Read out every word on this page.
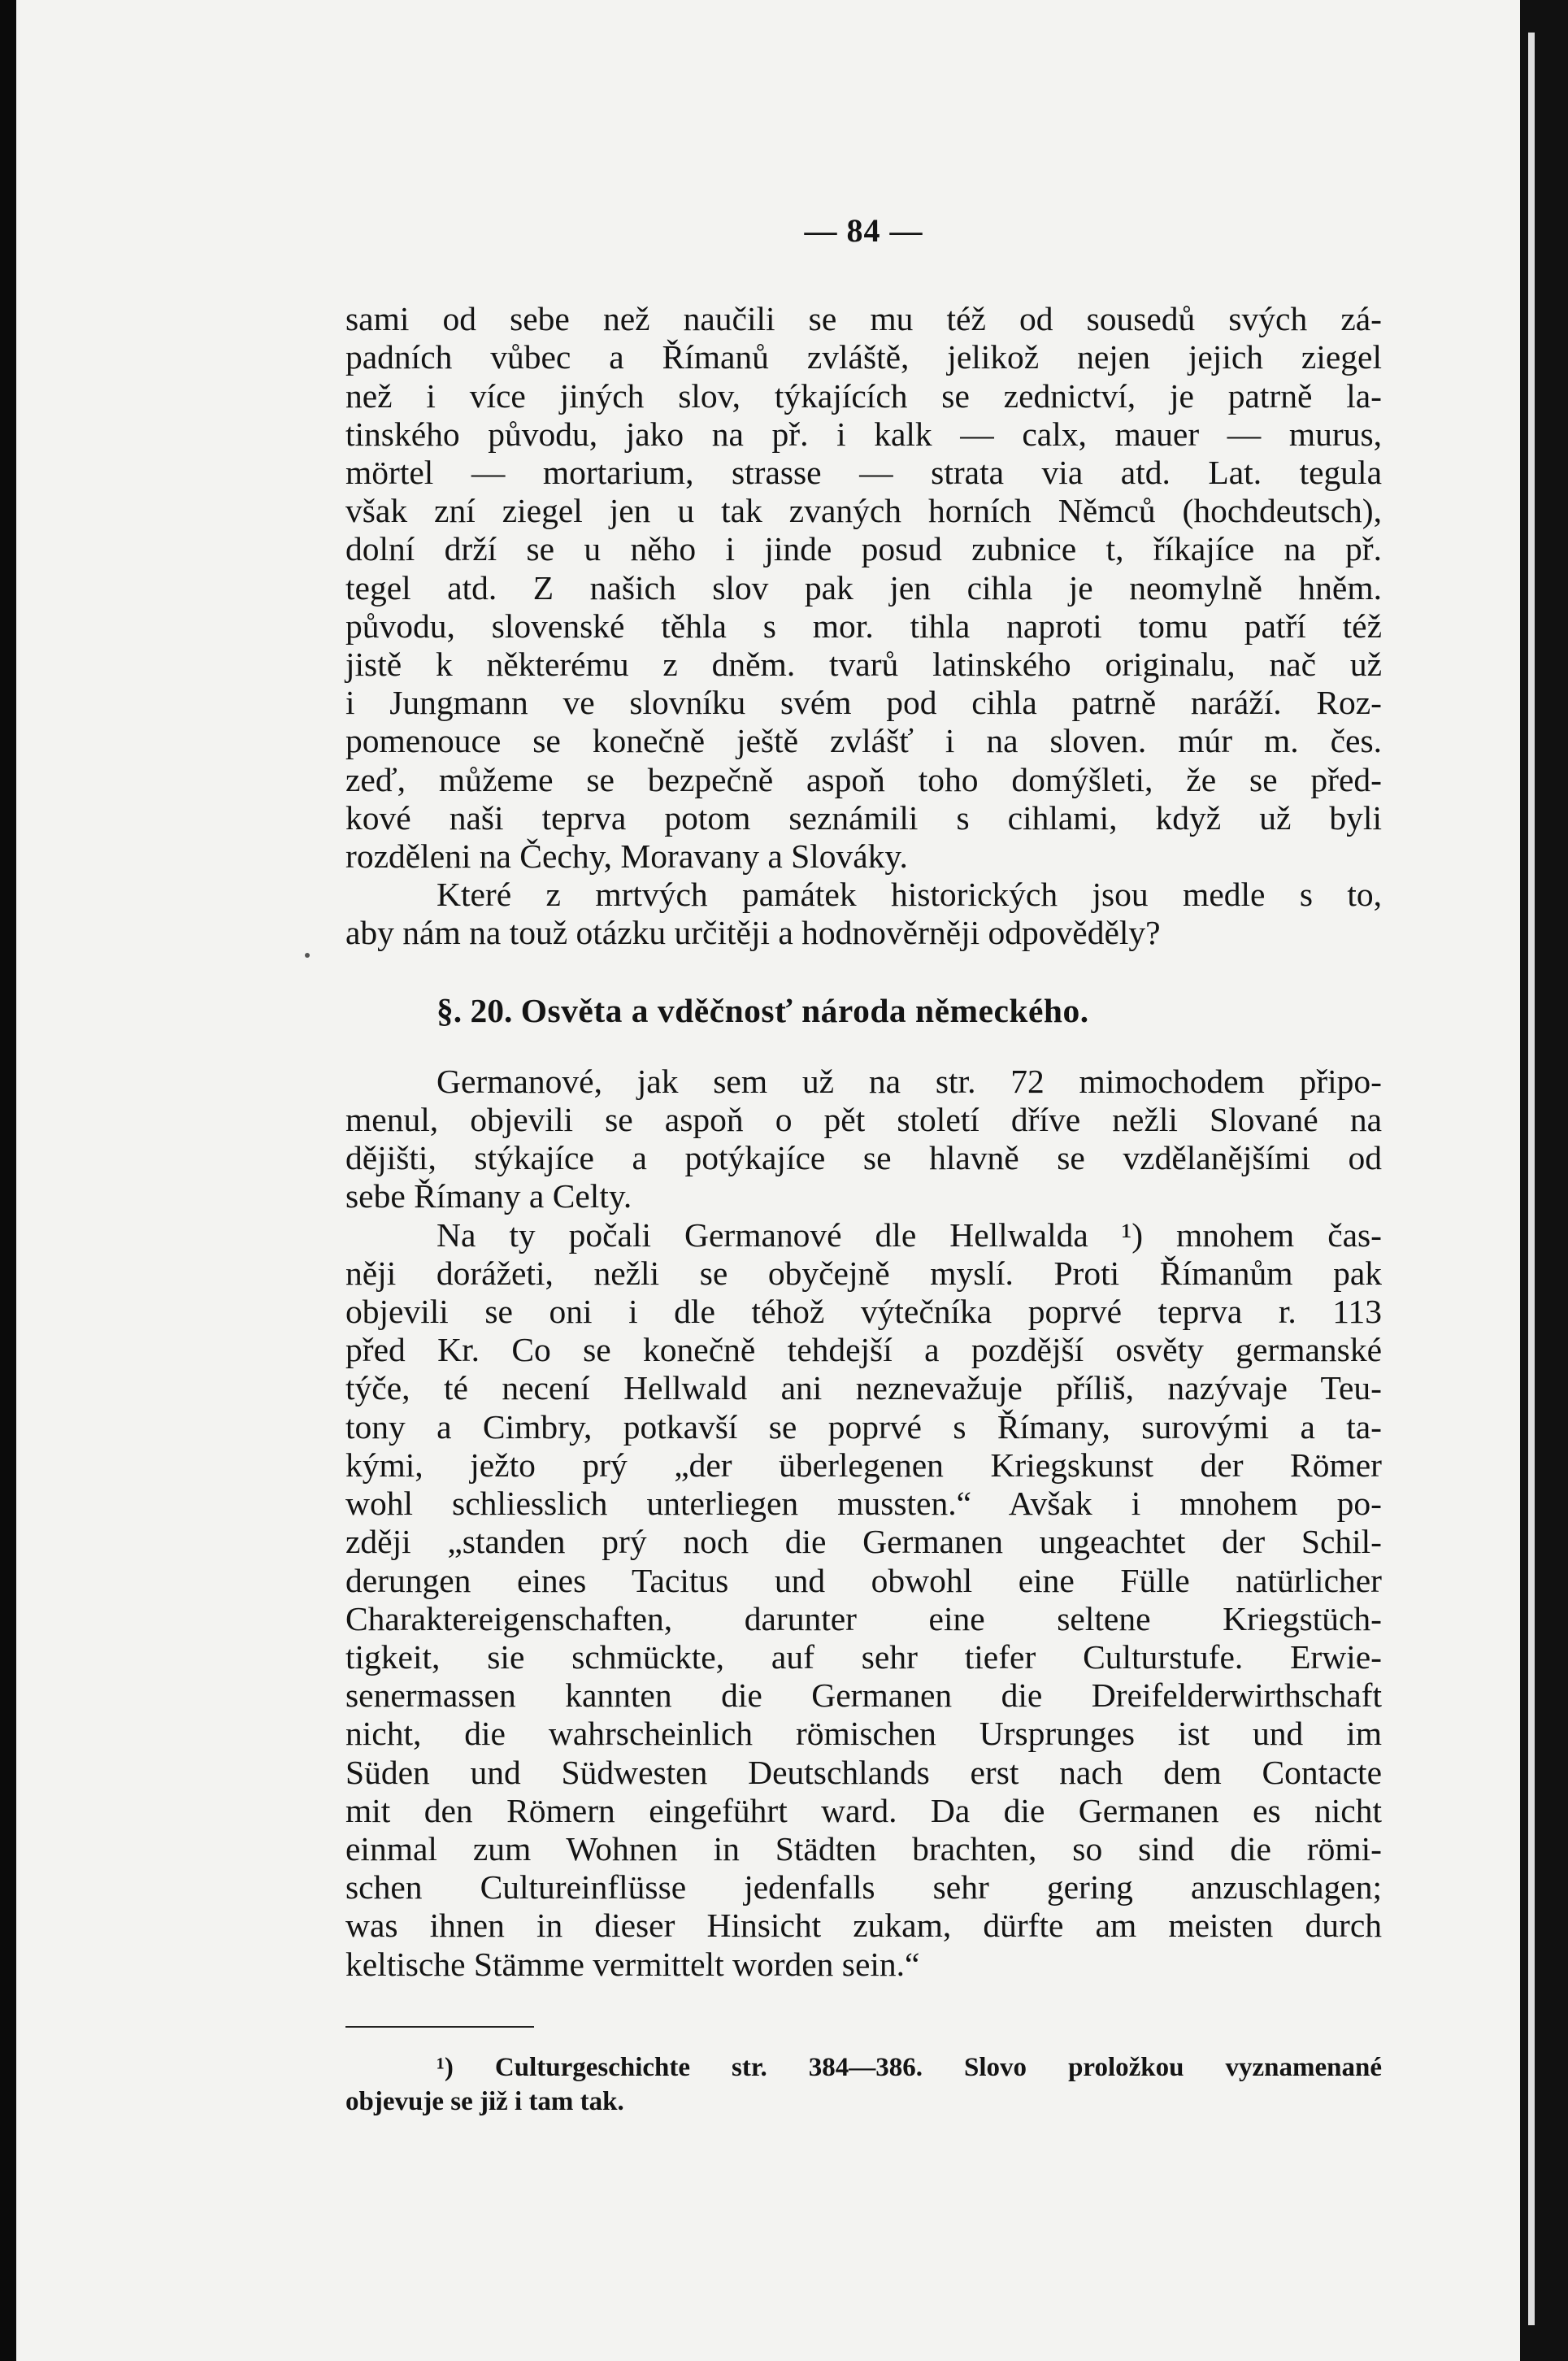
— 84 —

sami od sebe než naučili se mu též od sousedů svých zá-

padních vůbec a Římanů zvláště, jelikož nejen jejich ziegel

než i více jiných slov, týkajících se zednictví, je patrně la-

tinského původu, jako na př. i kalk — calx, mauer — murus,

mörtel — mortarium, strasse — strata via atd. Lat. tegula

však zní ziegel jen u tak zvaných horních Němců (hochdeutsch),

dolní drží se u něho i jinde posud zubnice t, říkajíce na př.

tegel atd. Z našich slov pak jen cihla je neomylně hněm.

původu, slovenské těhla s mor. tihla naproti tomu patří též

jistě k některému z dněm. tvarů latinského originalu, nač už

i Jungmann ve slovníku svém pod cihla patrně naráží. Roz-

pomenouce se konečně ještě zvlášť i na sloven. múr m. čes.

zeď, můžeme se bezpečně aspoň toho domýšleti, že se před-

kové naši teprva potom seznámili s cihlami, když už byli

rozděleni na Čechy, Moravany a Slováky.

Které z mrtvých památek historických jsou medle s to,

aby nám na touž otázku určitěji a hodnověrněji odpověděly?

§. 20. Osvěta a vděčnosť národa německého.

Germanové, jak sem už na str. 72 mimochodem připo-

menul, objevili se aspoň o pět století dříve nežli Slované na

dějišti, stýkajíce a potýkajíce se hlavně se vzdělanějšími od

sebe Římany a Celty.

Na ty počali Germanové dle Hellwalda ¹) mnohem čas-

něji dorážeti, nežli se obyčejně myslí. Proti Římanům pak

objevili se oni i dle téhož výtečníka poprvé teprva r. 113

před Kr. Co se konečně tehdejší a pozdější osvěty germanské

týče, té necení Hellwald ani neznevažuje příliš, nazývaje Teu-

tony a Cimbry, potkavší se poprvé s Římany, surovými a ta-

kými, ježto prý „der überlegenen Kriegskunst der Römer

wohl schliesslich unterliegen mussten.“ Avšak i mnohem po-

zději „standen prý noch die Germanen ungeachtet der Schil-

derungen eines Tacitus und obwohl eine Fülle natürlicher

Charaktereigenschaften, darunter eine seltene Kriegstüch-

tigkeit, sie schmückte, auf sehr tiefer Culturstufe. Erwie-

senermassen kannten die Germanen die Dreifelderwirthschaft

nicht, die wahrscheinlich römischen Ursprunges ist und im

Süden und Südwesten Deutschlands erst nach dem Contacte

mit den Römern eingeführt ward. Da die Germanen es nicht

einmal zum Wohnen in Städten brachten, so sind die römi-

schen Cultureinflüsse jedenfalls sehr gering anzuschlagen;

was ihnen in dieser Hinsicht zukam, dürfte am meisten durch

keltische Stämme vermittelt worden sein.“

¹) Culturgeschichte str. 384—386. Slovo proložkou vyznamenané

objevuje se již i tam tak.
